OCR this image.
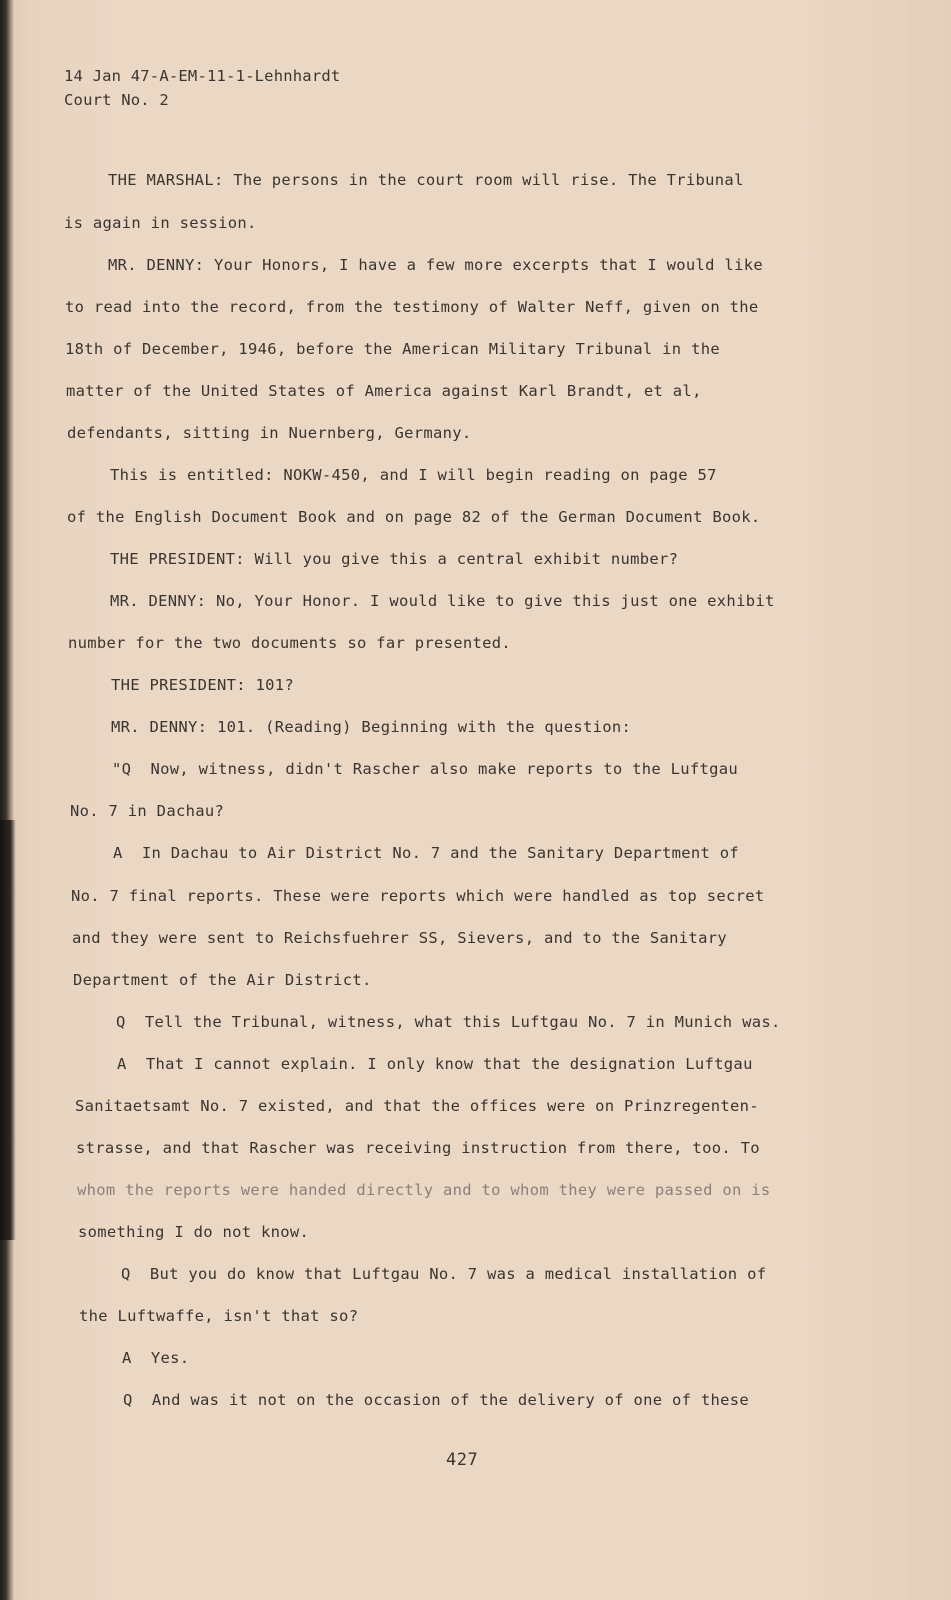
14 Jan 47-A-EM-11-1-Lehnhardt
Court No. 2
THE MARSHAL: The persons in the court room will rise. The Tribunal
is again in session.
MR. DENNY: Your Honors, I have a few more excerpts that I would like
to read into the record, from the testimony of Walter Neff, given on the
18th of December, 1946, before the American Military Tribunal in the
matter of the United States of America against Karl Brandt, et al,
defendants, sitting in Nuernberg, Germany.
This is entitled: NOKW-450, and I will begin reading on page 57
of the English Document Book and on page 82 of the German Document Book.
THE PRESIDENT: Will you give this a central exhibit number?
MR. DENNY: No, Your Honor. I would like to give this just one exhibit
number for the two documents so far presented.
THE PRESIDENT: 101?
MR. DENNY: 101. (Reading) Beginning with the question:
"Q  Now, witness, didn't Rascher also make reports to the Luftgau
No. 7 in Dachau?
A  In Dachau to Air District No. 7 and the Sanitary Department of
No. 7 final reports. These were reports which were handled as top secret
and they were sent to Reichsfuehrer SS, Sievers, and to the Sanitary
Department of the Air District.
Q  Tell the Tribunal, witness, what this Luftgau No. 7 in Munich was.
A  That I cannot explain. I only know that the designation Luftgau
Sanitaetsamt No. 7 existed, and that the offices were on Prinzregenten-
strasse, and that Rascher was receiving instruction from there, too. To
whom the reports were handed directly and to whom they were passed on is
something I do not know.
Q  But you do know that Luftgau No. 7 was a medical installation of
the Luftwaffe, isn't that so?
A  Yes.
Q  And was it not on the occasion of the delivery of one of these
427
